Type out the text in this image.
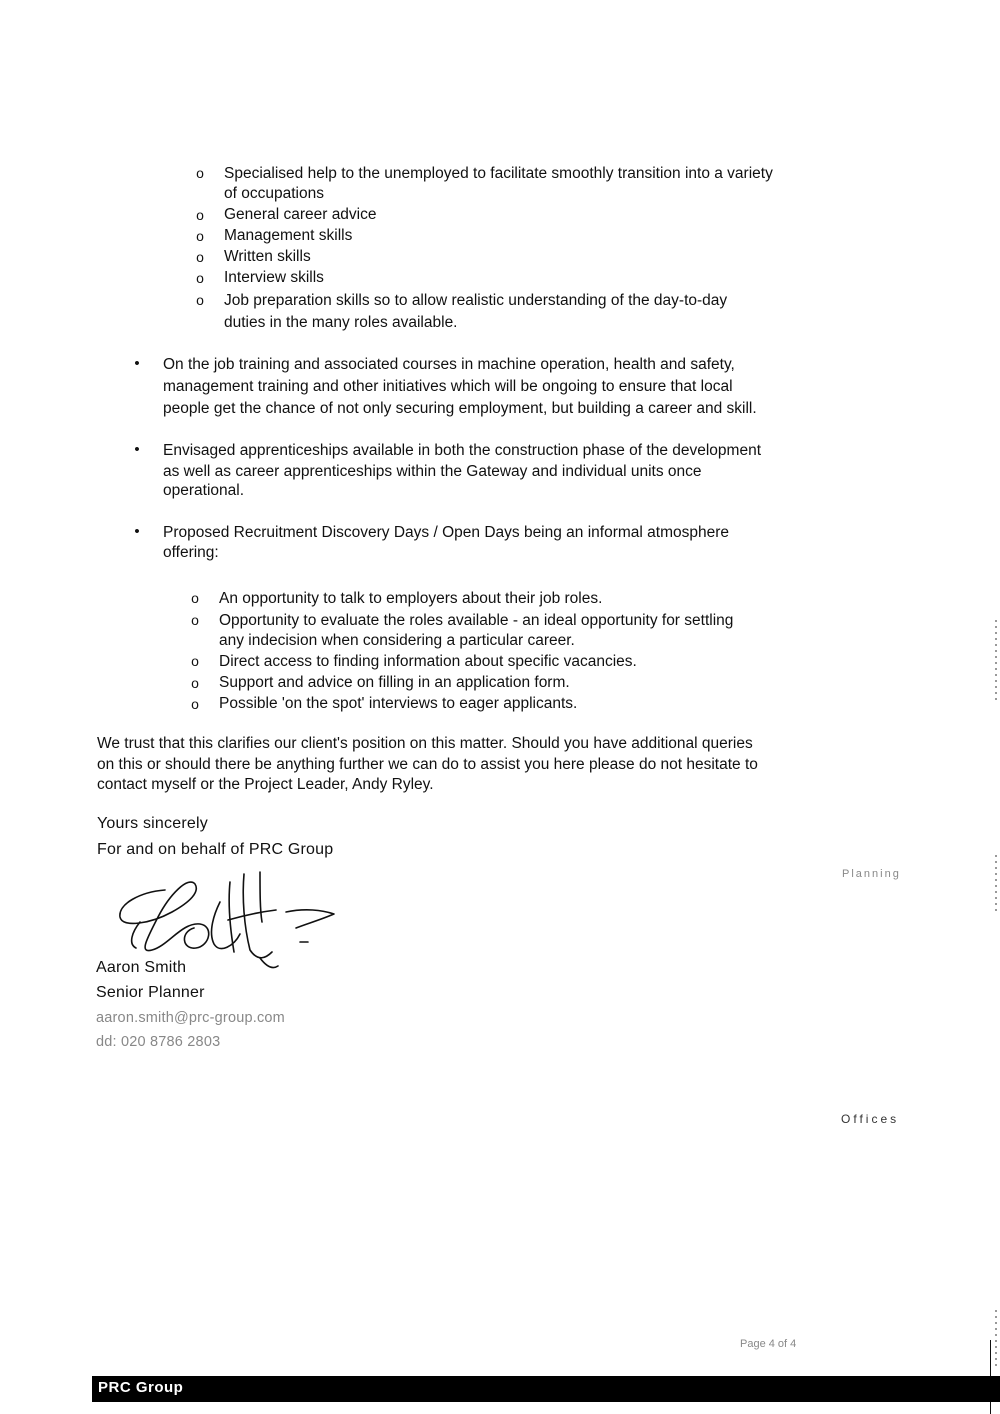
o	Specialised help to the unemployed to facilitate smoothly transition into a variety
of occupations
o	General career advice
o	Management skills
o	Written skills
o	Interview skills
o	Job preparation skills so to allow realistic understanding of the day-to-day
duties in the many roles available.
• On the job training and associated courses in machine operation, health and safety,
management training and other initiatives which will be ongoing to ensure that local
people get the chance of not only securing employment, but building a career and skill.
• Envisaged apprenticeships available in both the construction phase of the development
as well as career apprenticeships within the Gateway and individual units once
operational.
• Proposed Recruitment Discovery Days / Open Days being an informal atmosphere
offering:
o	An opportunity to talk to employers about their job roles.
o	Opportunity to evaluate the roles available - an ideal opportunity for settling
any indecision when considering a particular career.
o	Direct access to finding information about specific vacancies.
o	Support and advice on filling in an application form.
o	Possible 'on the spot' interviews to eager applicants.
We trust that this clarifies our client's position on this matter. Should you have additional queries
on this or should there be anything further we can do to assist you here please do not hesitate to
contact myself or the Project Leader, Andy Ryley.
Yours sincerely
For and on behalf of PRC Group
Aaron Smith
Senior Planner
aaron.smith@prc-group.com
dd: 020 8786 2803
Planning
Offices
Page 4 of 4
PRC Group
